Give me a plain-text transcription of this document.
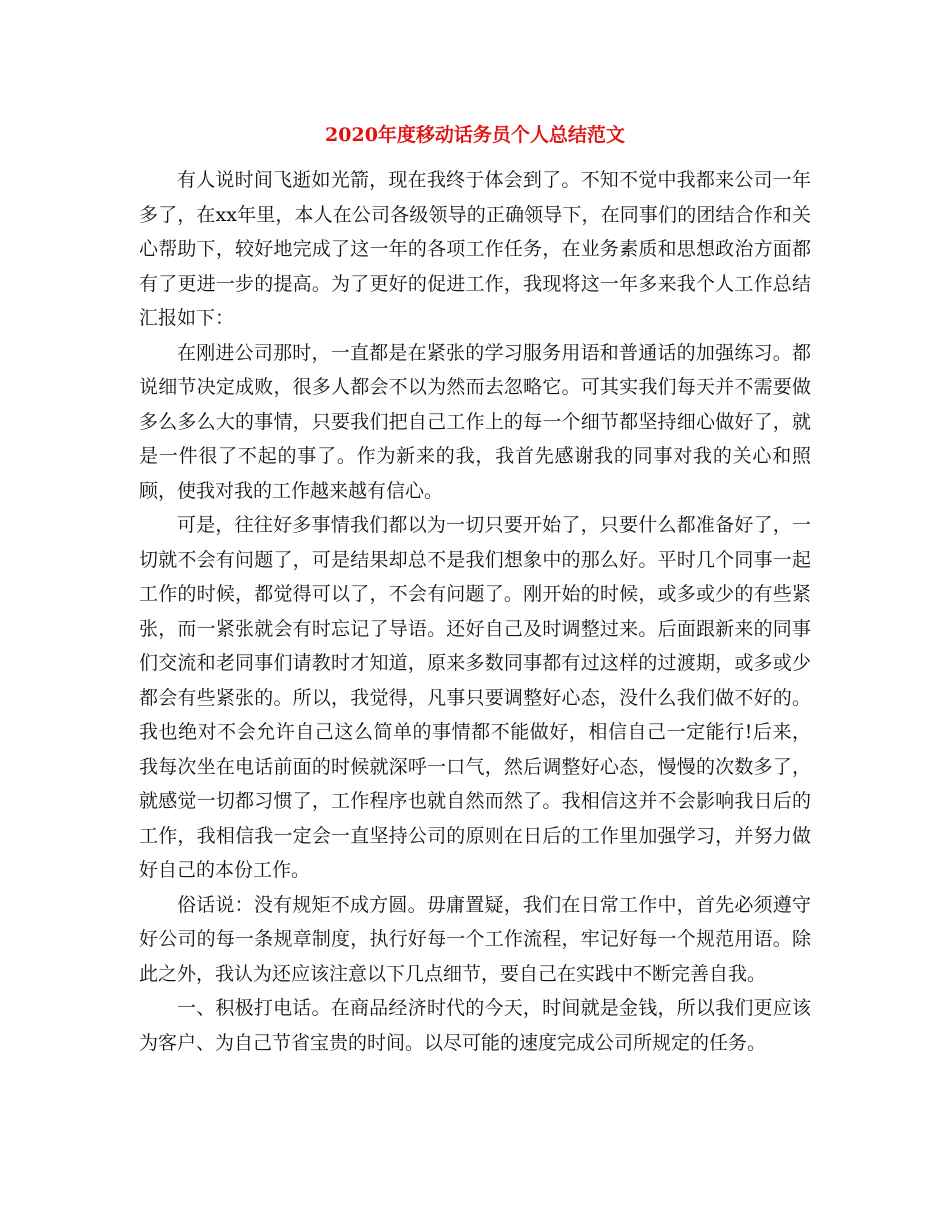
2020年度移动话务员个人总结范文

有人说时间飞逝如光箭，现在我终于体会到了。不知不觉中我都来公司一年多了，在xx年里，本人在公司各级领导的正确领导下，在同事们的团结合作和关心帮助下，较好地完成了这一年的各项工作任务，在业务素质和思想政治方面都有了更进一步的提高。为了更好的促进工作，我现将这一年多来我个人工作总结汇报如下：

在刚进公司那时，一直都是在紧张的学习服务用语和普通话的加强练习。都说细节决定成败，很多人都会不以为然而去忽略它。可其实我们每天并不需要做多么多么大的事情，只要我们把自己工作上的每一个细节都坚持细心做好了，就是一件很了不起的事了。作为新来的我，我首先感谢我的同事对我的关心和照顾，使我对我的工作越来越有信心。

可是，往往好多事情我们都以为一切只要开始了，只要什么都准备好了，一切就不会有问题了，可是结果却总不是我们想象中的那么好。平时几个同事一起工作的时候，都觉得可以了，不会有问题了。刚开始的时候，或多或少的有些紧张，而一紧张就会有时忘记了导语。还好自己及时调整过来。后面跟新来的同事们交流和老同事们请教时才知道，原来多数同事都有过这样的过渡期，或多或少都会有些紧张的。所以，我觉得，凡事只要调整好心态，没什么我们做不好的。我也绝对不会允许自己这么简单的事情都不能做好，相信自己一定能行!后来，我每次坐在电话前面的时候就深呼一口气，然后调整好心态，慢慢的次数多了，就感觉一切都习惯了，工作程序也就自然而然了。我相信这并不会影响我日后的工作，我相信我一定会一直坚持公司的原则在日后的工作里加强学习，并努力做好自己的本份工作。

俗话说：没有规矩不成方圆。毋庸置疑，我们在日常工作中，首先必须遵守好公司的每一条规章制度，执行好每一个工作流程，牢记好每一个规范用语。除此之外，我认为还应该注意以下几点细节，要自己在实践中不断完善自我。

一、积极打电话。在商品经济时代的今天，时间就是金钱，所以我们更应该为客户、为自己节省宝贵的时间。以尽可能的速度完成公司所规定的任务。
